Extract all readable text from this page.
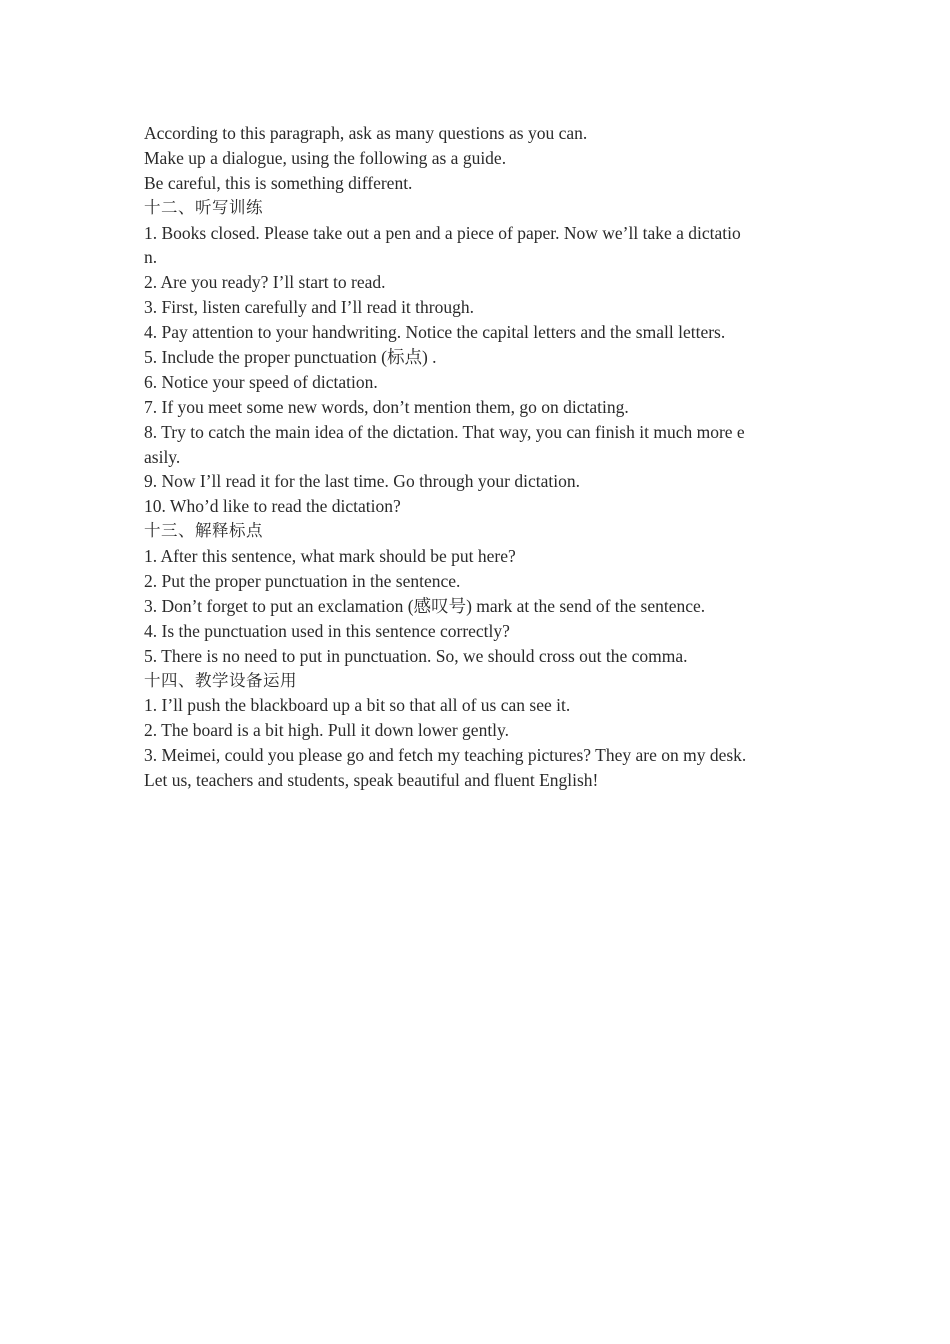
According to this paragraph, ask as many questions as you can.
Make up a dialogue, using the following as a guide.
Be careful, this is something different.
十二、听写训练
1. Books closed. Please take out a pen and a piece of paper. Now we’ll take a dictatio
n.
2. Are you ready? I’ll start to read.
3. First, listen carefully and I’ll read it through.
4. Pay attention to your handwriting. Notice the capital letters and the small letters.
5. Include the proper punctuation (标点) .
6. Notice your speed of dictation.
7. If you meet some new words, don’t mention them, go on dictating.
8. Try to catch the main idea of the dictation. That way, you can finish it much more e
asily.
9. Now I’ll read it for the last time. Go through your dictation.
10. Who’d like to read the dictation?
十三、解释标点
1. After this sentence, what mark should be put here?
2. Put the proper punctuation in the sentence.
3. Don’t forget to put an exclamation (感叹号) mark at the send of the sentence.
4. Is the punctuation used in this sentence correctly?
5. There is no need to put in punctuation. So, we should cross out the comma.
十四、教学设备运用
1. I’ll push the blackboard up a bit so that all of us can see it.
2. The board is a bit high. Pull it down lower gently.
3. Meimei, could you please go and fetch my teaching pictures? They are on my desk.
Let us, teachers and students, speak beautiful and fluent English!
